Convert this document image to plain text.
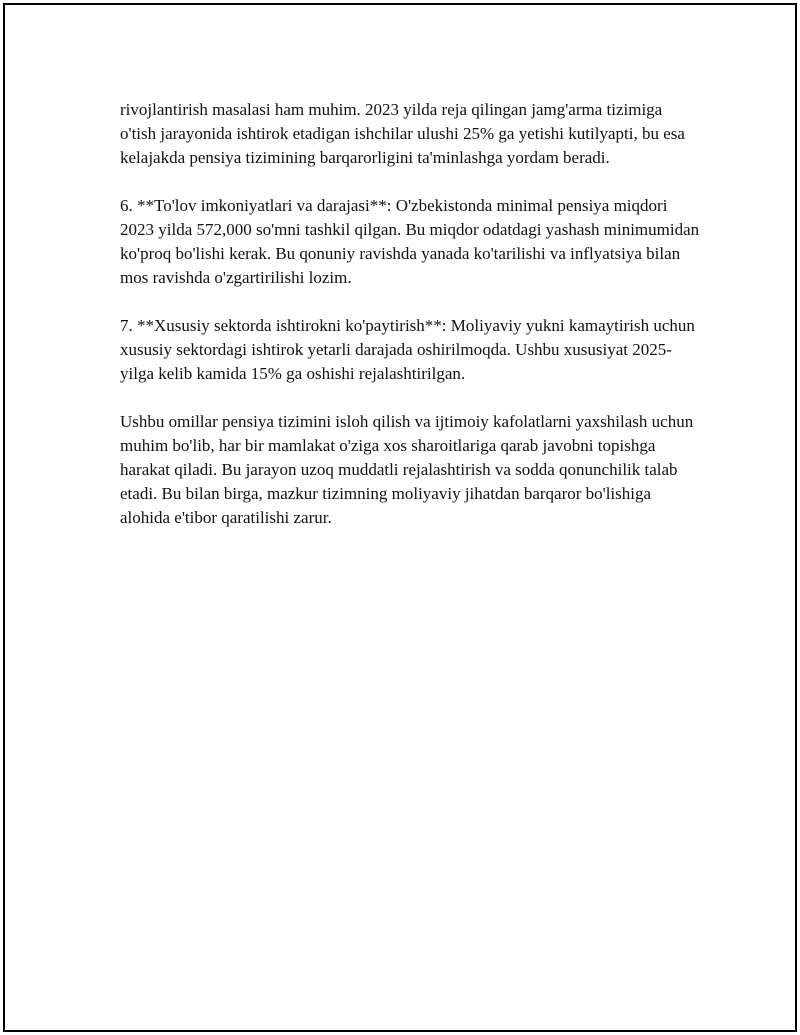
rivojlantirish masalasi ham muhim. 2023 yilda reja qilingan jamg'arma tizimiga o'tish jarayonida ishtirok etadigan ishchilar ulushi 25% ga yetishi kutilyapti, bu esa kelajakda pensiya tizimining barqarorligini ta'minlashga yordam beradi.

6. **To'lov imkoniyatlari va darajasi**: O'zbekistonda minimal pensiya miqdori 2023 yilda 572,000 so'mni tashkil qilgan. Bu miqdor odatdagi yashash minimumidan ko'proq bo'lishi kerak. Bu qonuniy ravishda yanada ko'tarilishi va inflyatsiya bilan mos ravishda o'zgartirilishi lozim.

7. **Xususiy sektorda ishtirokni ko'paytirish**: Moliyaviy yukni kamaytirish uchun xususiy sektordagi ishtirok yetarli darajada oshirilmoqda. Ushbu xususiyat 2025-yilga kelib kamida 15% ga oshishi rejalashtirilgan.

Ushbu omillar pensiya tizimini isloh qilish va ijtimoiy kafolatlarni yaxshilash uchun muhim bo'lib, har bir mamlakat o'ziga xos sharoitlariga qarab javobni topishga harakat qiladi. Bu jarayon uzoq muddatli rejalashtirish va sodda qonunchilik talab etadi. Bu bilan birga, mazkur tizimning moliyaviy jihatdan barqaror bo'lishiga alohida e'tibor qaratilishi zarur.
